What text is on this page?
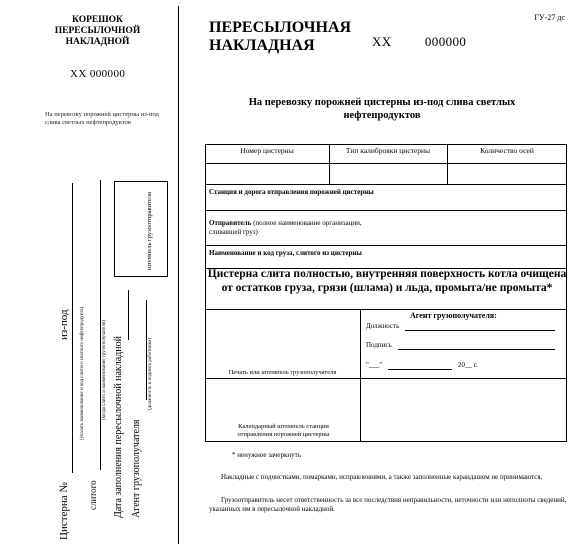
КОРЕШОК
ПЕРЕСЫЛОЧНОЙ
НАКЛАДНОЙ
XX 000000
На перевозку порожней цистерны из-под слива светлых нефтепродуктов
штемпель грузоотправителя
Цистерна №
из-под (указать наименование и код слитого светлого нефтепродукта)
слитого
(когда слито и наименование грузополучателя) Дата заполнения пересылочной накладной Агент грузополучателя
(должность и подпись работника)
ГУ-27 дс
ПЕРЕСЫЛОЧНАЯ
НАКЛАДНАЯ	XX	000000
На перевозку порожней цистерны из-под слива светлых нефтепродуктов
Номер цистерны	Тип калибровки цистерны	Количество осей
Станция и дорога отправления порожней цистерны
Отправитель (полное наименование организации, сливавшей груз)
Наименование и код груза, слитого из цистерны
Цистерна слита полностью, внутренняя поверхность котла очищена от остатков груза, грязи (шлама) и льда, промыта/не промыта*
Агент грузополучателя:
Должность
Подпись
"___"	20__ г.
Печать или штемпель грузополучателя
Календарный штемпель станции отправления порожней цистерны
* ненужное зачеркнуть
Накладные с подчистками, помарками, исправлениями, а также заполненные карандашом не принимаются.
Грузоотправитель несет ответственность за все последствия неправильности, неточности или неполноты сведений, указанных им в пересылочной накладной.
